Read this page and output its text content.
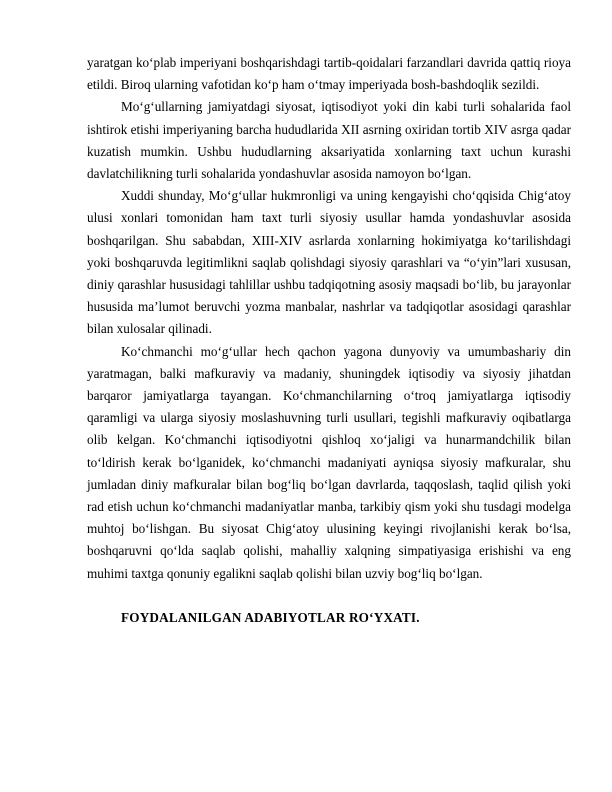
yaratgan ko‘plab imperiyani boshqarishdagi tartib-qoidalari farzandlari davrida qattiq rioya etildi. Biroq ularning vafotidan ko‘p ham o‘tmay imperiyada bosh-bashdoqlik sezildi.

Mo‘g‘ullarning jamiyatdagi siyosat, iqtisodiyot yoki din kabi turli sohalarida faol ishtirok etishi imperiyaning barcha hududlarida XII asrning oxiridan tortib XIV asrga qadar kuzatish mumkin. Ushbu hududlarning aksariyatida xonlarning taxt uchun kurashi davlatchilikning turli sohalarida yondashuvlar asosida namoyon bo‘lgan.

Xuddi shunday, Mo‘g‘ullar hukmronligi va uning kengayishi cho‘qqisida Chig‘atoy ulusi xonlari tomonidan ham taxt turli siyosiy usullar hamda yondashuvlar asosida boshqarilgan. Shu sababdan, XIII-XIV asrlarda xonlarning hokimiyatga ko‘tarilishdagi yoki boshqaruvda legitimlikni saqlab qolishdagi siyosiy qarashlari va “o‘yin”lari xususan, diniy qarashlar hususidagi tahlillar ushbu tadqiqotning asosiy maqsadi bo‘lib, bu jarayonlar hususida ma’lumot beruvchi yozma manbalar, nashrlar va tadqiqotlar asosidagi qarashlar bilan xulosalar qilinadi.

Ko‘chmanchi mo‘g‘ullar hech qachon yagona dunyoviy va umumbashariy din yaratmagan, balki mafkuraviy va madaniy, shuningdek iqtisodiy va siyosiy jihatdan barqaror jamiyatlarga tayangan. Ko‘chmanchilarning o‘troq jamiyatlarga iqtisodiy qaramligi va ularga siyosiy moslashuvning turli usullari, tegishli mafkuraviy oqibatlarga olib kelgan. Ko‘chmanchi iqtisodiyotni qishloq xo‘jaligi va hunarmandchilik bilan to‘ldirish kerak bo‘lganidek, ko‘chmanchi madaniyati ayniqsa siyosiy mafkuralar, shu jumladan diniy mafkuralar bilan bog‘liq bo‘lgan davrlarda, taqqoslash, taqlid qilish yoki rad etish uchun ko‘chmanchi madaniyatlar manba, tarkibiy qism yoki shu tusdagi modelga muhtoj bo‘lishgan. Bu siyosat Chig‘atoy ulusining keyingi rivojlanishi kerak bo‘lsa, boshqaruvni qo‘lda saqlab qolishi, mahalliy xalqning simpatiyasiga erishishi va eng muhimi taxtga qonuniy egalikni saqlab qolishi bilan uzviy bog‘liq bo‘lgan.

FOYDALANILGAN ADABIYOTLAR RO‘YXATI.
